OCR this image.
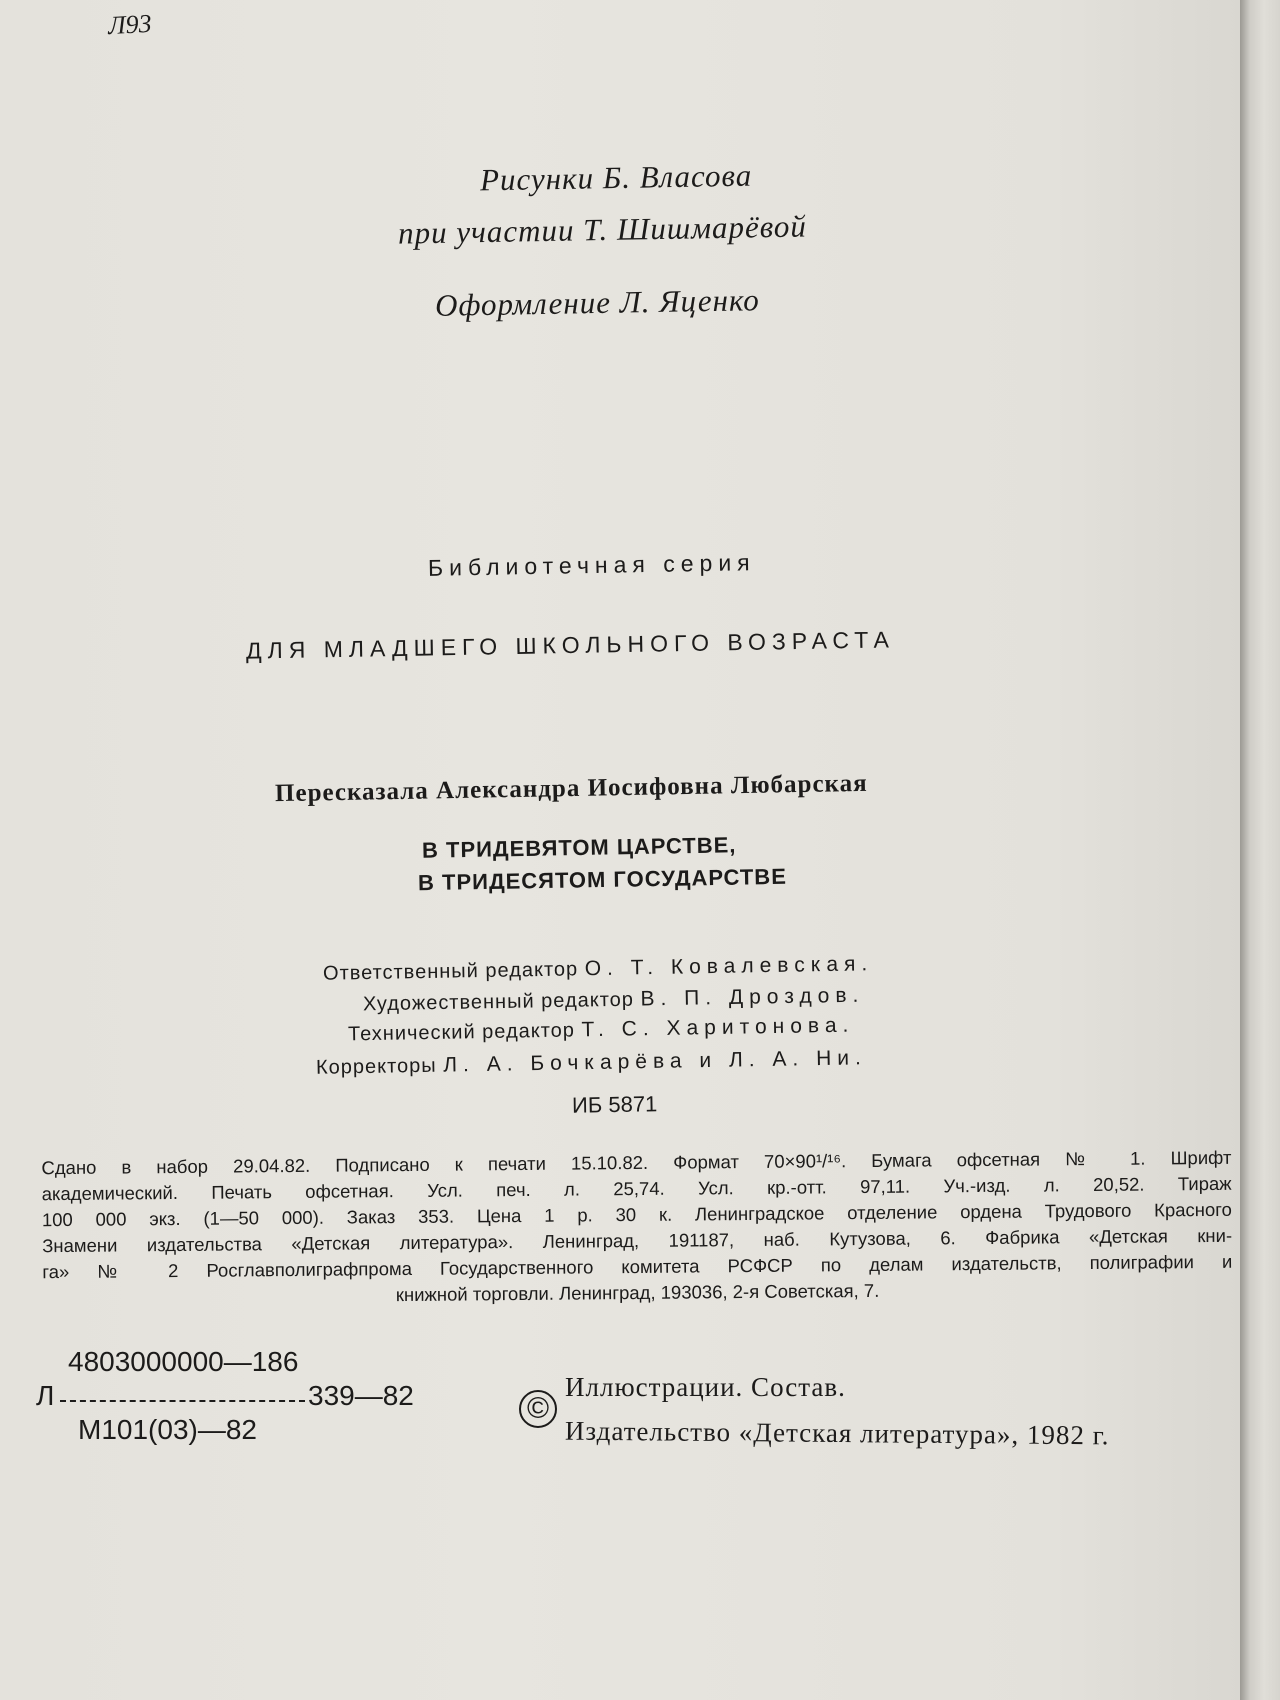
Л93
Рисунки Б. Власова
при участии Т. Шишмарёвой
Оформление Л. Яценко
Библиотечная серия
ДЛЯ МЛАДШЕГО ШКОЛЬНОГО ВОЗРАСТА
Пересказала Александра Иосифовна Любарская
В ТРИДЕВЯТОМ ЦАРСТВЕ,
В ТРИДЕСЯТОМ ГОСУДАРСТВЕ
Ответственный редактор О. Т. Ковалевская.
Художественный редактор В. П. Дроздов.
Технический редактор Т. С. Харитонова.
Корректоры Л. А. Бочкарёва и Л. А. Ни.
ИБ 5871
Сдано в набор 29.04.82. Подписано к печати 15.10.82. Формат 70×90¹/¹⁶. Бумага офсетная № 1. Шрифт
академический. Печать офсетная. Усл. печ. л. 25,74. Усл. кр.-отт. 97,11. Уч.-изд. л. 20,52. Тираж
100 000 экз. (1—50 000). Заказ 353. Цена 1 р. 30 к. Ленинградское отделение ордена Трудового Красного
Знамени издательства «Детская литература». Ленинград, 191187, наб. Кутузова, 6. Фабрика «Детская кни-
га» № 2 Росглавполиграфпрома Государственного комитета РСФСР по делам издательств, полиграфии и
книжной торговли. Ленинград, 193036, 2-я Советская, 7.
4803000000—186
Л	339—82
М101(03)—82
©
Иллюстрации. Состав.
Издательство «Детская литература», 1982 г.
